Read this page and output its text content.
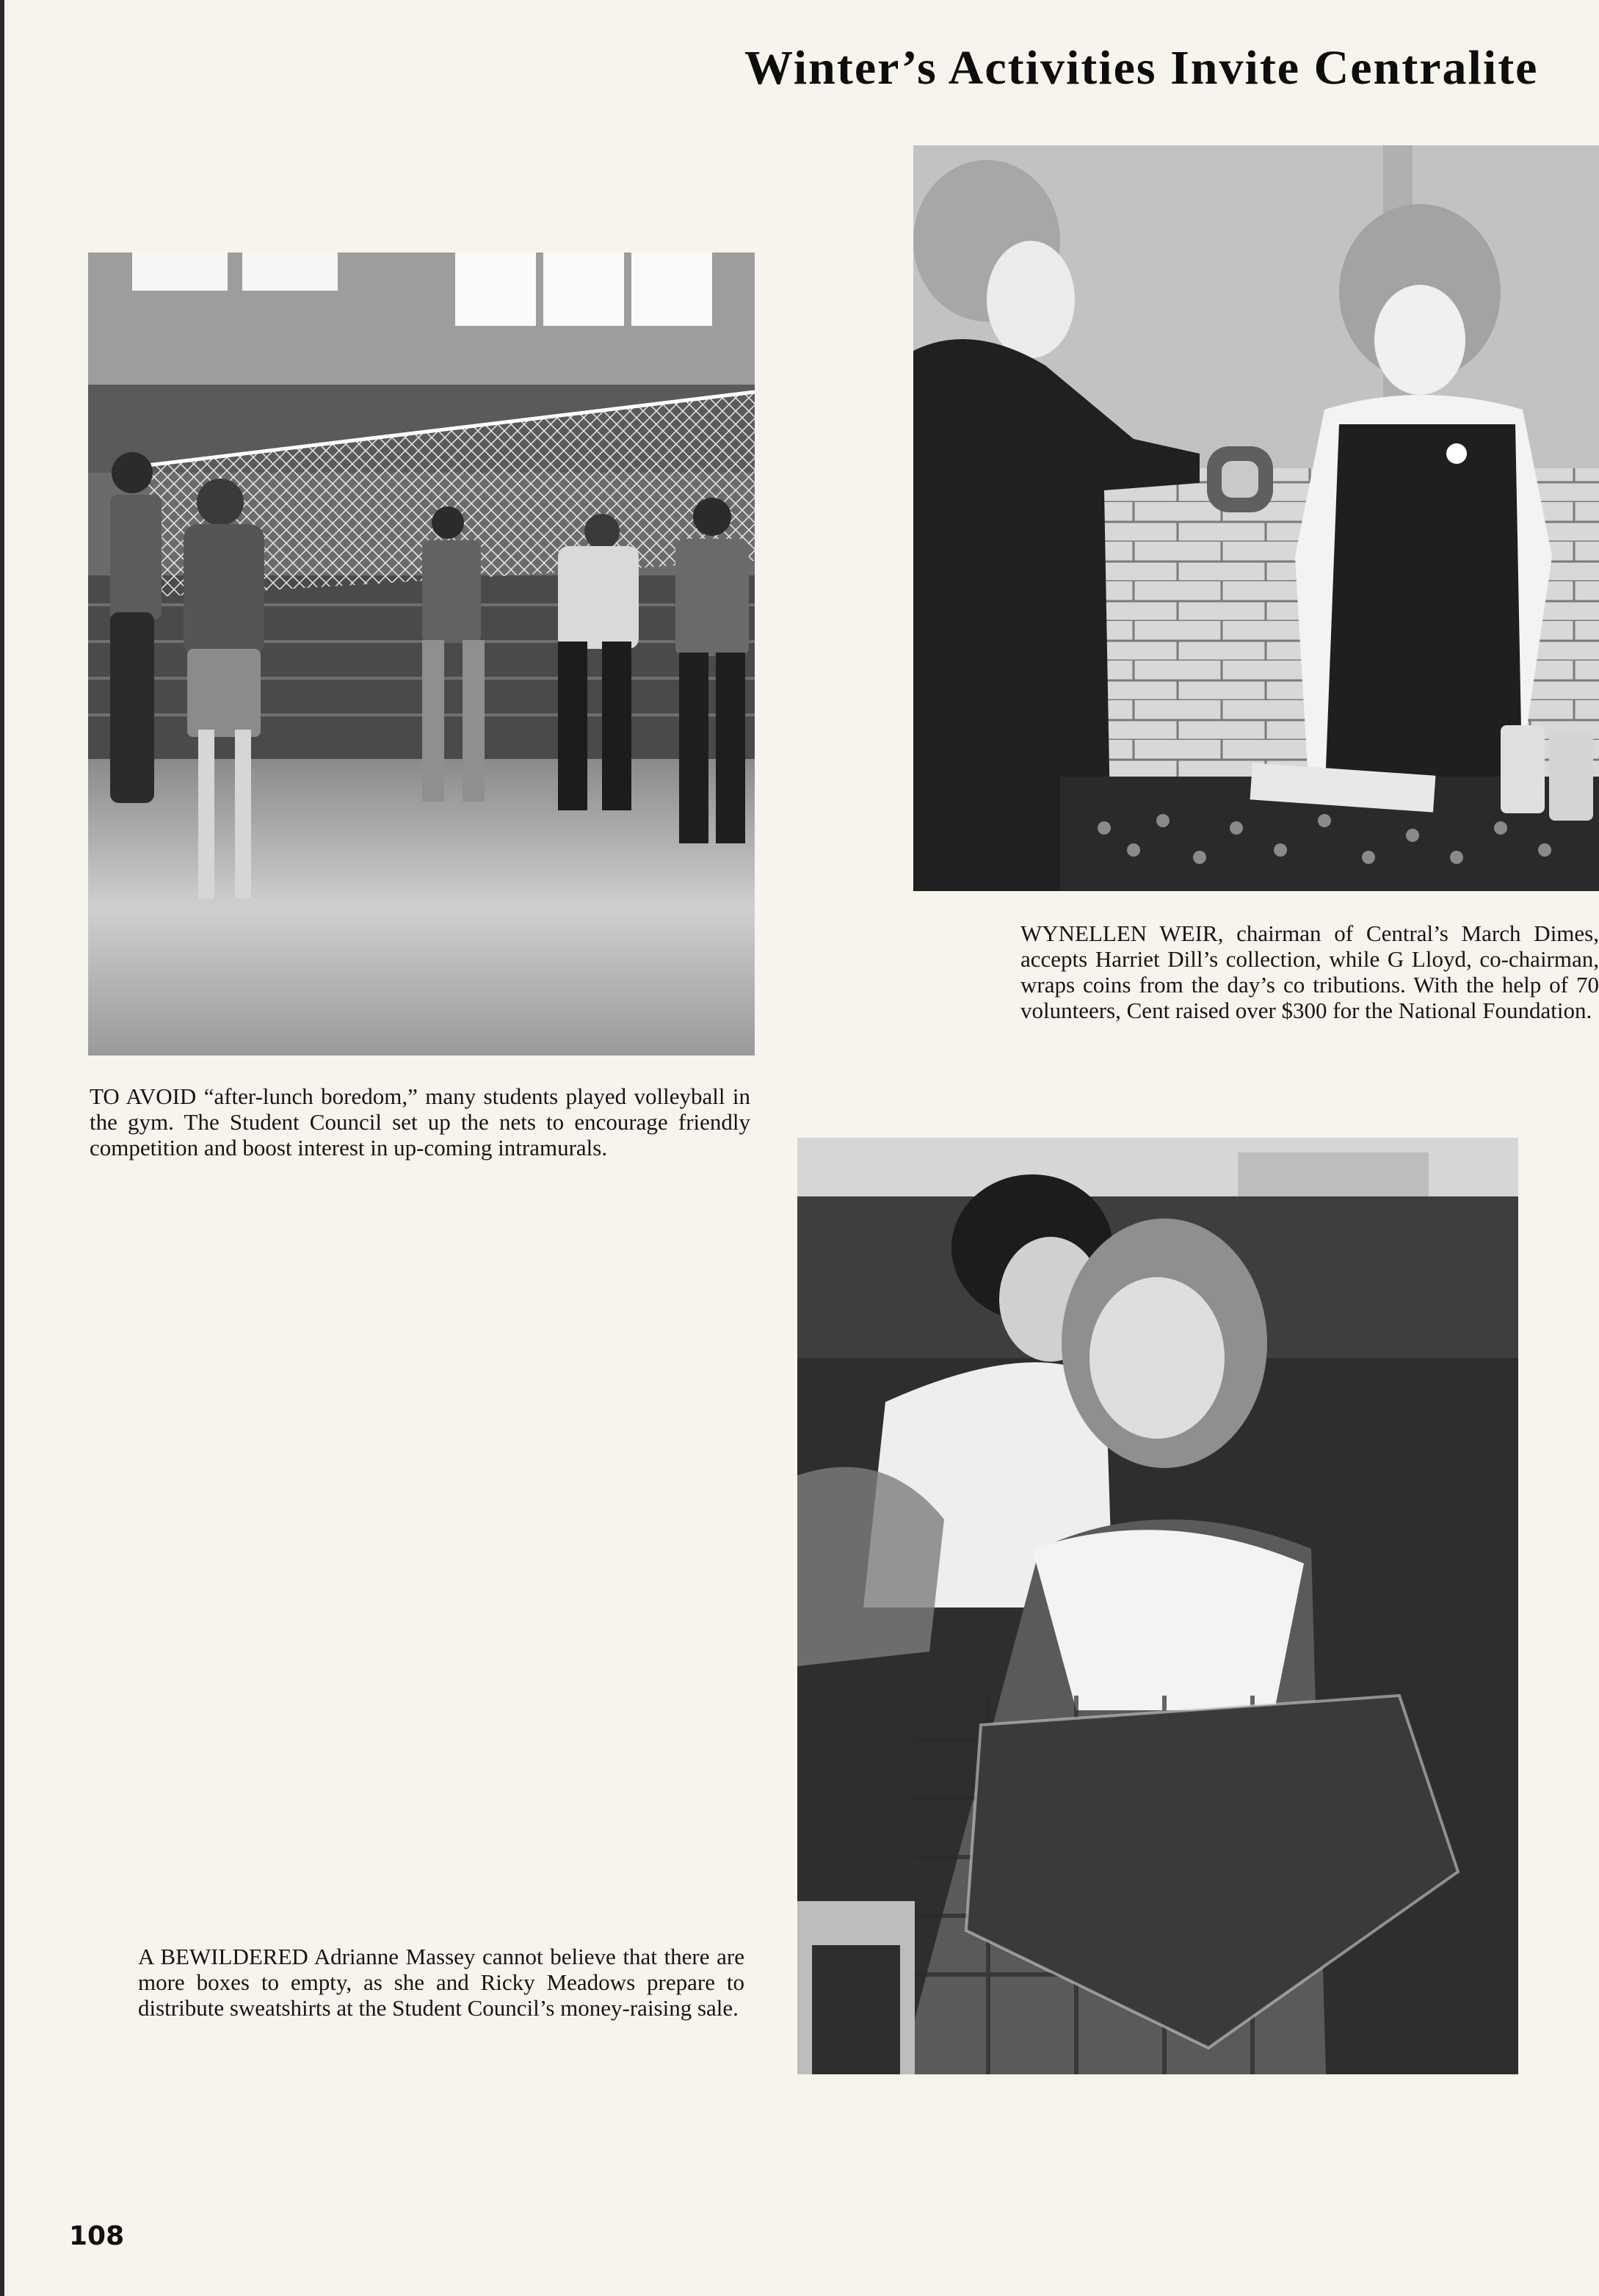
Winter’s Activities Invite Centralite
TO AVOID “after-lunch boredom,” many students played volleyball in the gym. The Student Council set up the nets to encourage friendly competition and boost interest in up-coming intramurals.
WYNELLEN WEIR, chairman of Central’s March Dimes, accepts Harriet Dill’s collection, while G Lloyd, co-chairman, wraps coins from the day’s co tributions. With the help of 70 volunteers, Cent raised over $300 for the National Foundation.
A BEWILDERED Adrianne Massey cannot believe that there are more boxes to empty, as she and Ricky Meadows prepare to distribute sweatshirts at the Student Council’s money-raising sale.
108
